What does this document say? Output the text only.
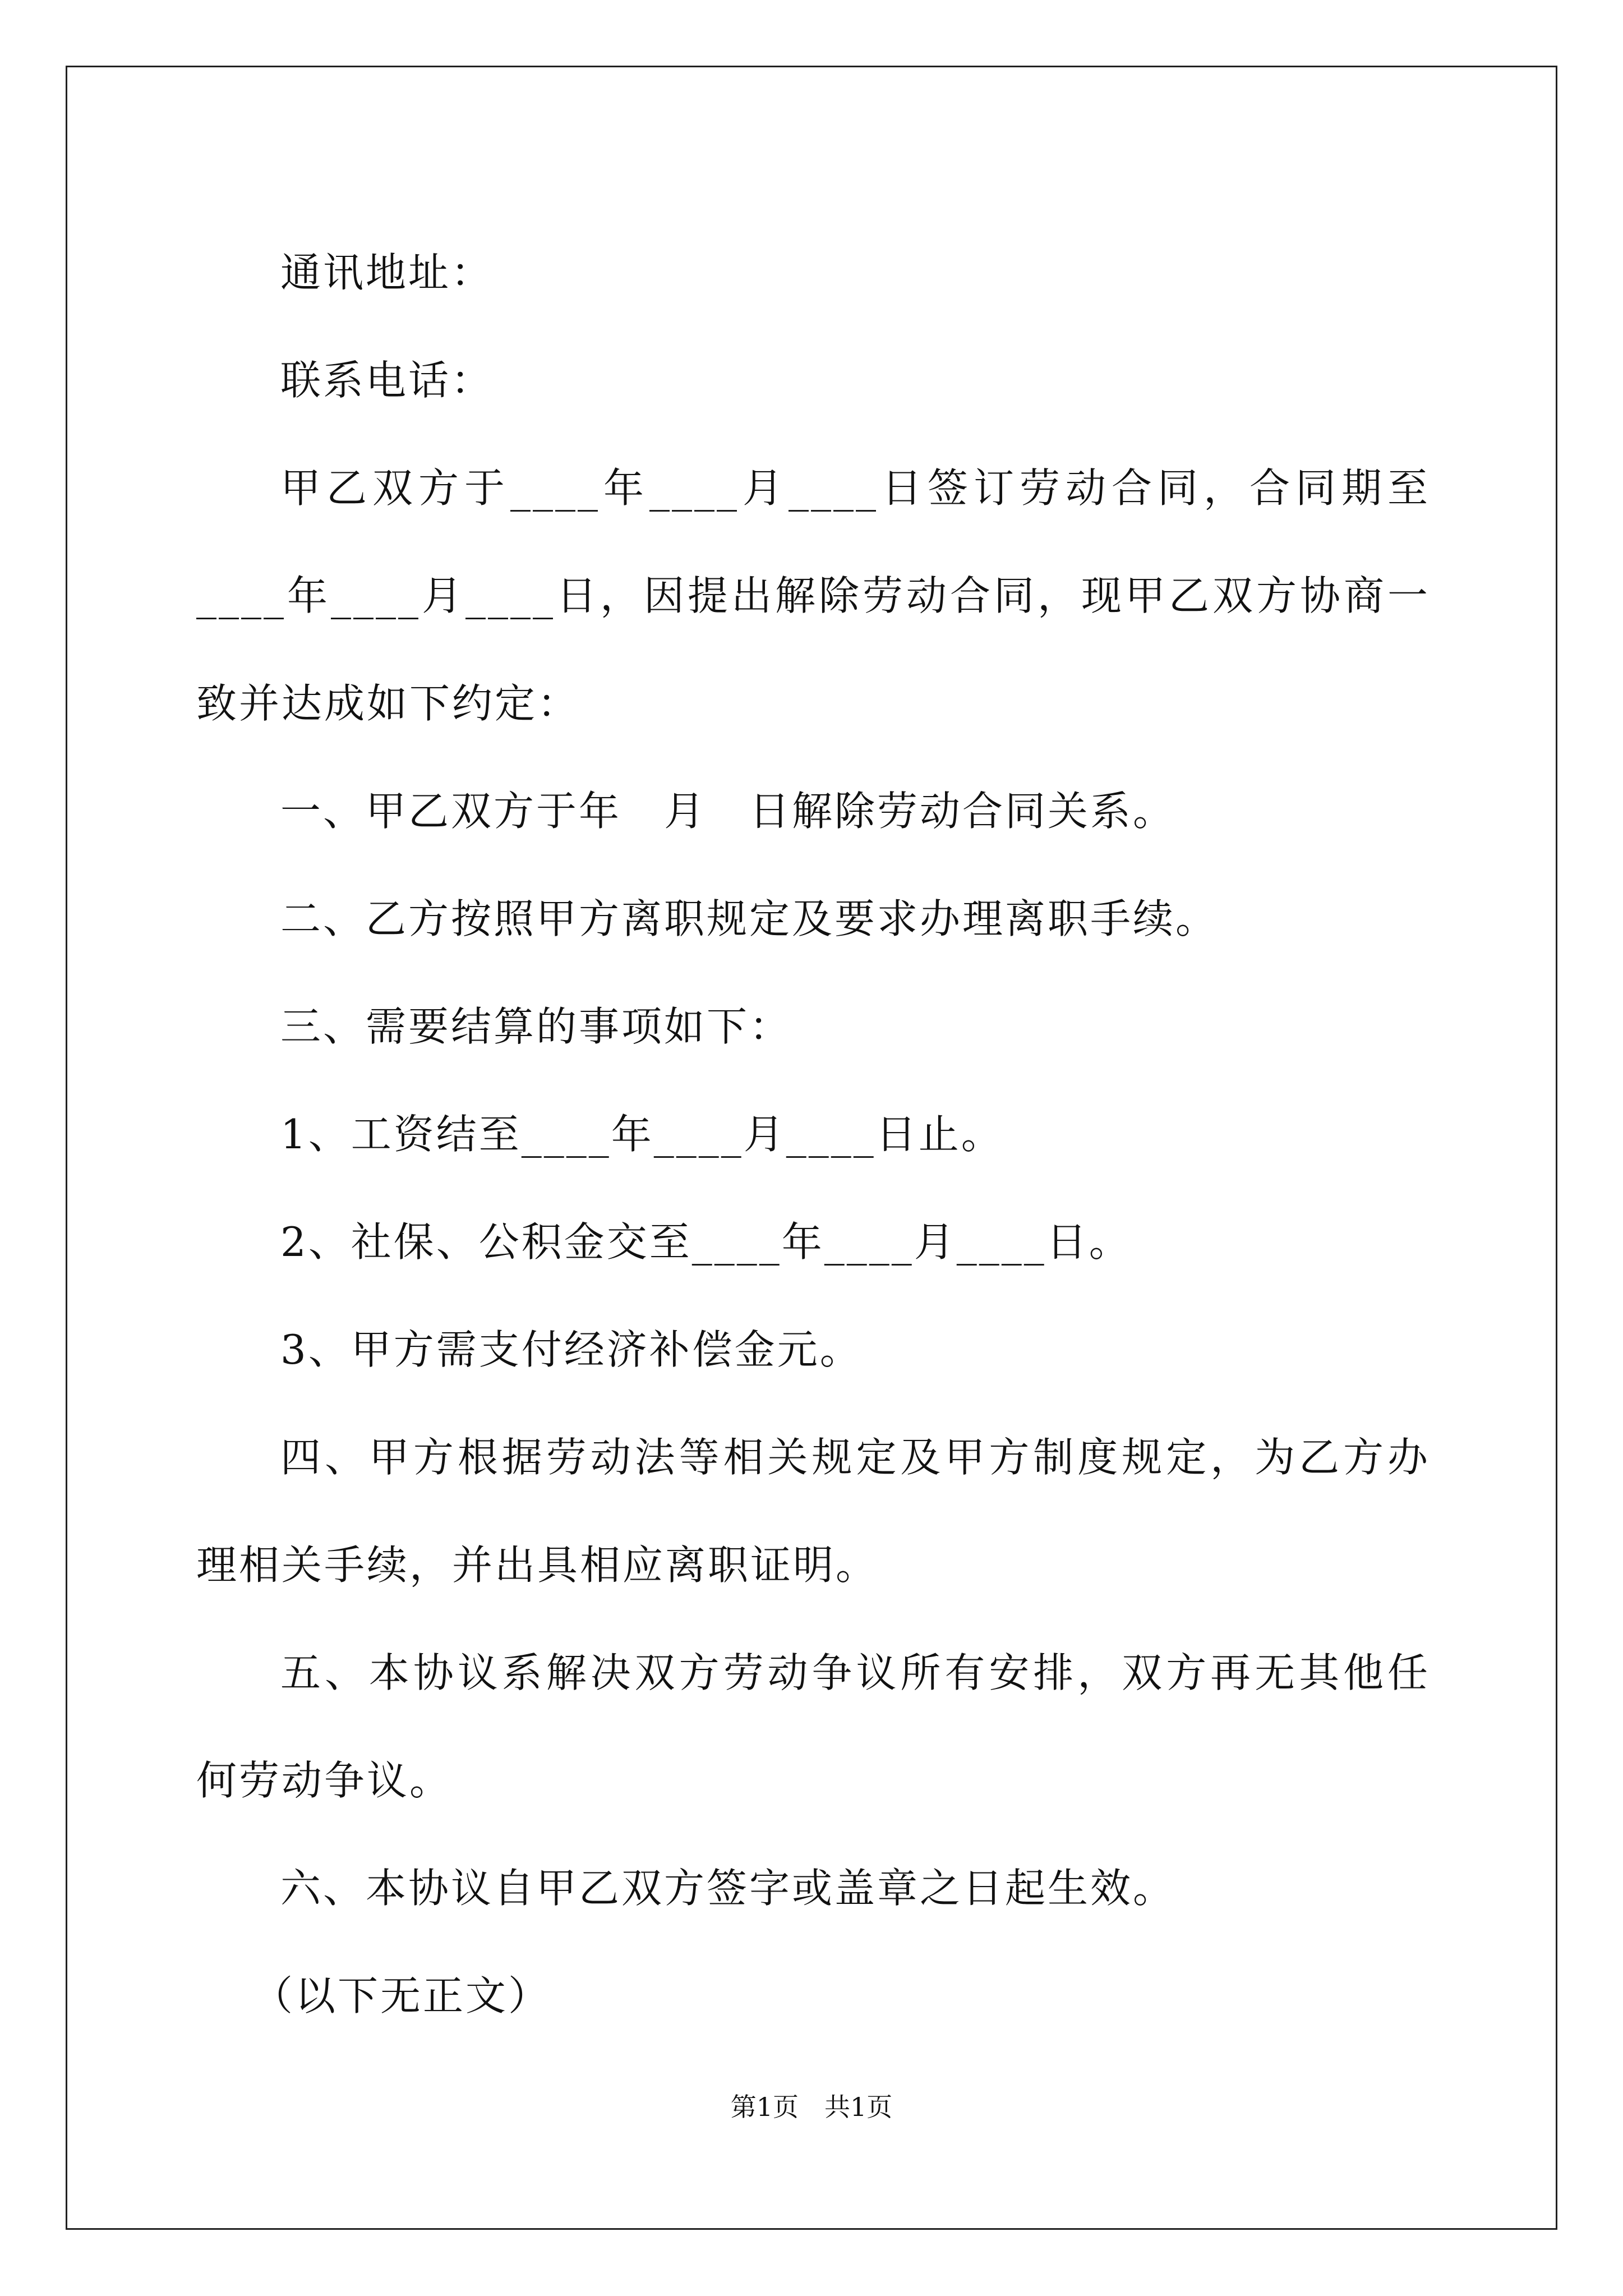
通讯地址：

联系电话：

甲乙双方于____年____月____日签订劳动合同，合同期至____年____月____日，因提出解除劳动合同，现甲乙双方协商一致并达成如下约定：

一、甲乙双方于年　月　日解除劳动合同关系。

二、乙方按照甲方离职规定及要求办理离职手续。

三、需要结算的事项如下：

1、工资结至____年____月____日止。

2、社保、公积金交至____年____月____日。

3、甲方需支付经济补偿金元。

四、甲方根据劳动法等相关规定及甲方制度规定，为乙方办理相关手续，并出具相应离职证明。

五、本协议系解决双方劳动争议所有安排，双方再无其他任何劳动争议。

六、本协议自甲乙双方签字或盖章之日起生效。

（以下无正文）

第1页　共1页
